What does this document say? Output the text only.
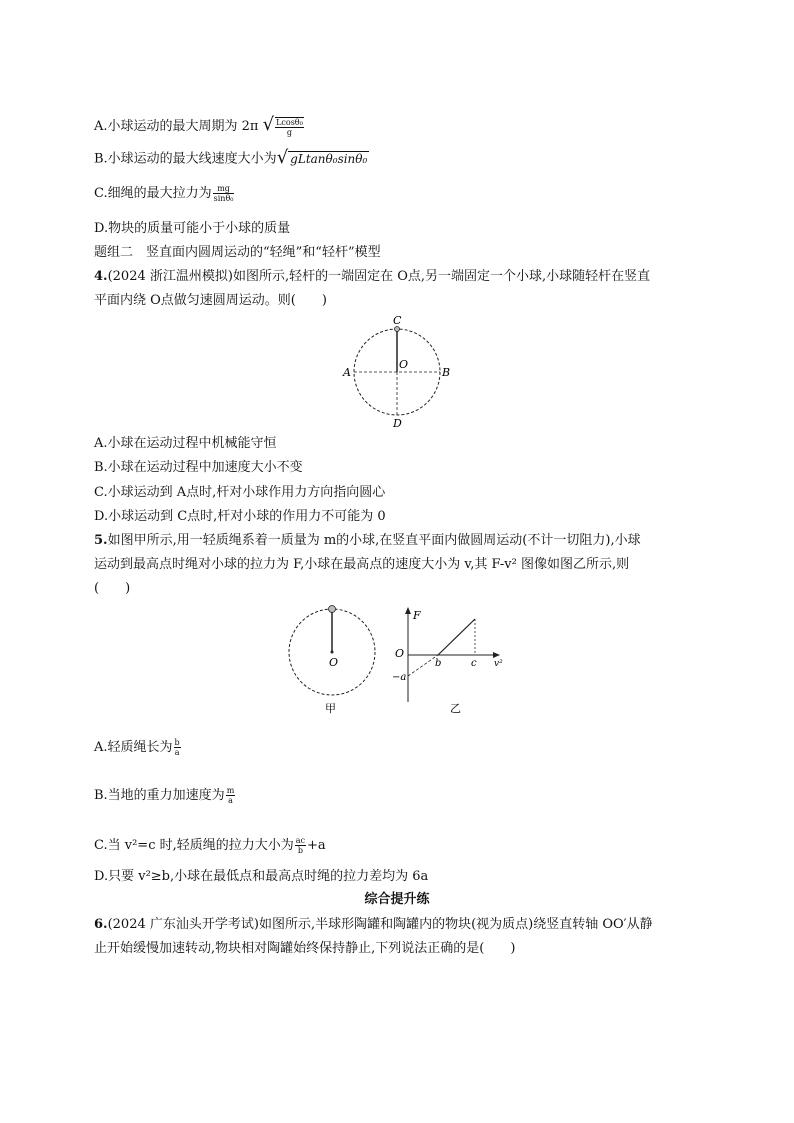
A.小球运动的最大周期为 2π √ $\frac{\text{Lcosθ₀}}{g}$
B.小球运动的最大线速度大小为√ gLtanθ₀sinθ₀
C.细绳的最大拉力为 $\frac{mg}{\text{sinθ₀}}$
D.物块的质量可能小于小球的质量
题组二　竖直面内圆周运动的“轻绳”和“轻杆”模型
4.(2024 浙江温州模拟)如图所示,轻杆的一端固定在 O点,另一端固定一个小球,小球随轻杆在竖直
平面内绕 O点做匀速圆周运动。则(　　)
C
O
A	B
D
A.小球在运动过程中机械能守恒
B.小球在运动过程中加速度大小不变
C.小球运动到 A点时,杆对小球作用力方向指向圆心
D.小球运动到 C点时,杆对小球的作用力不可能为 0
5.如图甲所示,用一轻质绳系着一质量为 m的小球,在竖直平面内做圆周运动(不计一切阻力),小球
运动到最高点时绳对小球的拉力为 F,小球在最高点的速度大小为 v,其 F-v² 图像如图乙所示,则
(　　)
O
甲
F
O
b	c v²
−a
乙
A.轻质绳长为 $\frac{b}{a}$
B.当地的重力加速度为 $\frac{m}{a}$
C.当 v²=c 时,轻质绳的拉力大小为 $\frac{ac}{b} +a$
D.只要 v²≥b,小球在最低点和最高点时绳的拉力差均为 6a
综合提升练
6.(2024 广东汕头开学考试)如图所示,半球形陶罐和陶罐内的物块(视为质点)绕竖直转轴 OO′从静
止开始缓慢加速转动,物块相对陶罐始终保持静止,下列说法正确的是(　　)
